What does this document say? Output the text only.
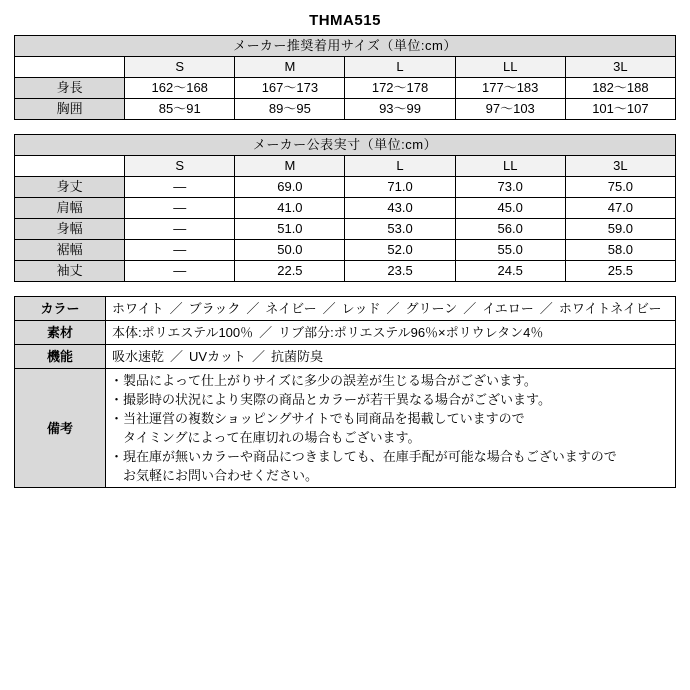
THMA515
メーカー推奨着用サイズ（単位:cm）					
	S	M	L	LL	3L
身長	162〜168	167〜173	172〜178	177〜183	182〜188
胸囲	85〜91	89〜95	93〜99	97〜103	101〜107
メーカー公表実寸（単位:cm）					
	S	M	L	LL	3L
身丈	—	69.0	71.0	73.0	75.0
肩幅	—	41.0	43.0	45.0	47.0
身幅	—	51.0	53.0	56.0	59.0
裾幅	—	50.0	52.0	55.0	58.0
袖丈	—	22.5	23.5	24.5	25.5
カラー	ホワイト ／ ブラック ／ ネイビー ／ レッド ／ グリーン ／ イエロー ／ ホワイトネイビー
素材	本体:ポリエステル100％ ／ リブ部分:ポリエステル96％×ポリウレタン4％
機能	吸水速乾 ／ UVカット ／ 抗菌防臭
備考	
・ 製品によって仕上がりサイズに多少の誤差が生じる場合がございます。
・ 撮影時の状況により実際の商品とカラーが若干異なる場合がございます。
・ 当社運営の複数ショッピングサイトでも同商品を掲載していますので
タイミングによって在庫切れの場合もございます。
・ 現在庫が無いカラーや商品につきましても、在庫手配が可能な場合もございますので
お気軽にお問い合わせください。
